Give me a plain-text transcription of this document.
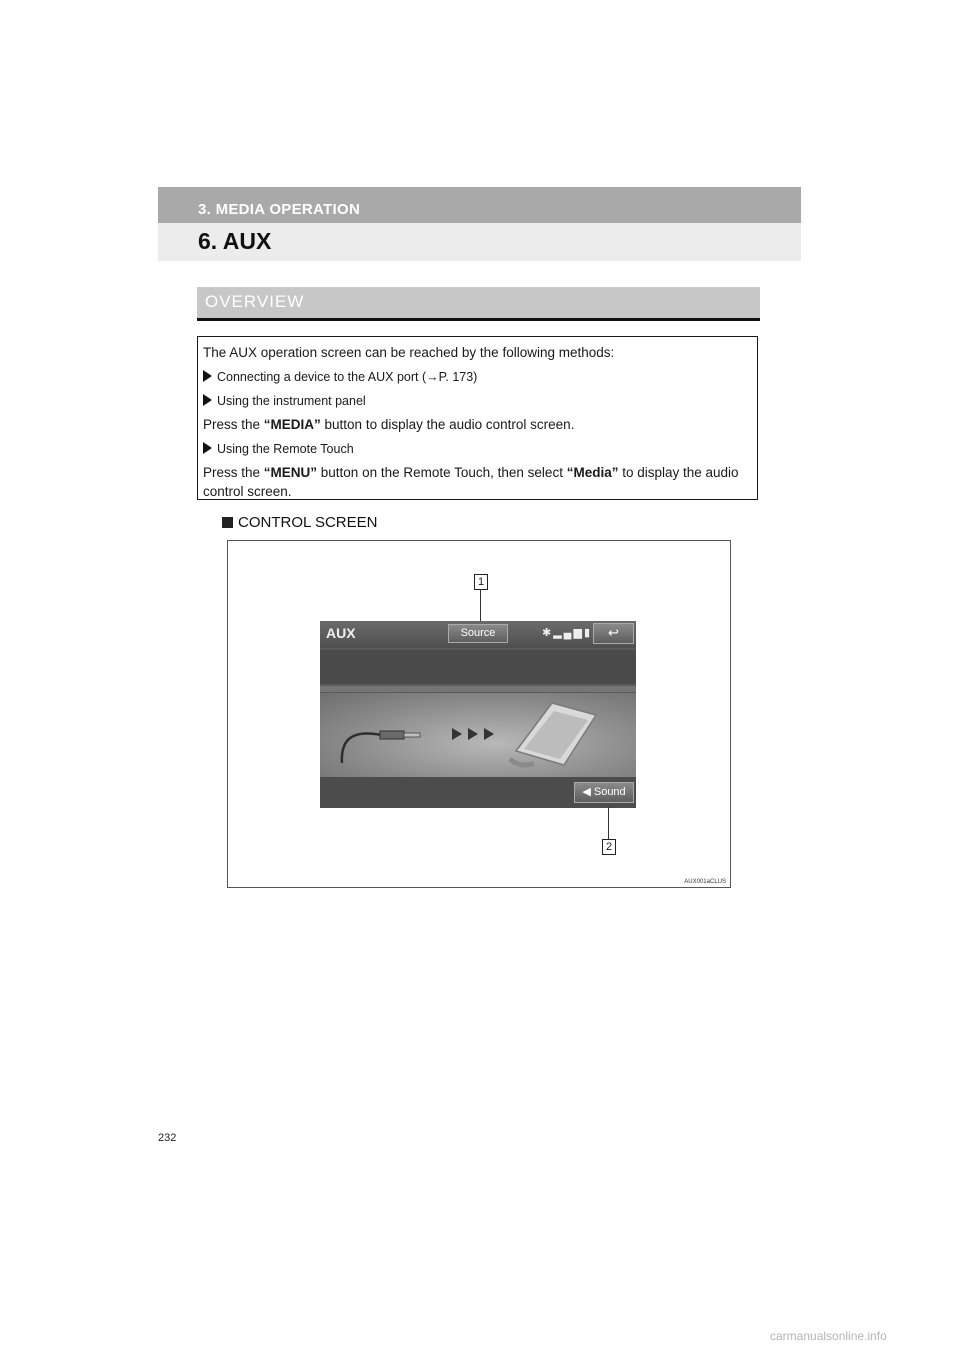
3. MEDIA OPERATION
6. AUX
OVERVIEW
The AUX operation screen can be reached by the following methods:
Connecting a device to the AUX port (→P. 173)
Using the instrument panel
Press the “MEDIA” button to display the audio control screen.
Using the Remote Touch
Press the “MENU” button on the Remote Touch, then select “Media” to display the audio control screen.
CONTROL SCREEN
1
AUX	Source	✱▂▄▆▮	↩
◀ Sound
2
AUX001aCLUS
232
carmanualsonline.info
